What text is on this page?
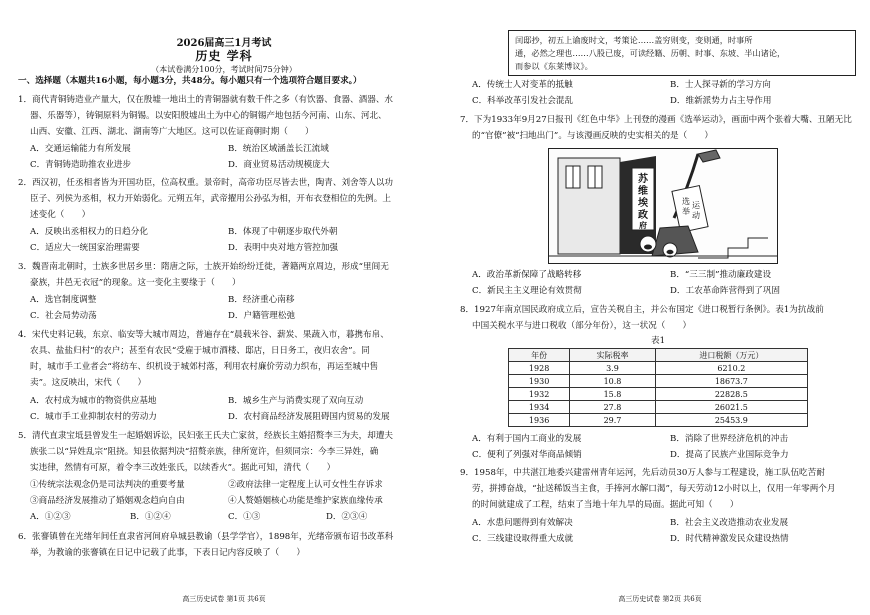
2026届高三1月考试
历史 学科
（本试卷满分100分，考试时间75分钟）
一、选择题（本题共16小题，每小题3分，共48分。每小题只有一个选项符合题目要求。）
1．商代青铜铸造业产量大，仅在殷墟一地出土的青铜器就有数千件之多（有饮器、食器、酒器、水
器、乐器等），铸铜原料为铜锡。以安阳殷墟出土为中心的铜锡产地包括今河南、山东、河北、
山西、安徽、江西、湖北、湖南等广大地区。这可以佐证商朝时期（　　）
A．交通运输能力有所发展	B．统治区域涵盖长江流域
C．青铜铸造助推农业进步	D．商业贸易活动规模庞大
2．西汉初，任丞相者皆为开国功臣，位高权重。景帝时，高帝功臣尽皆去世，陶青、刘舍等人以功
臣子、列侯为丞相，权力开始弱化。元朔五年，武帝擢用公孙弘为相，开布衣登相位的先例。上
述变化（　　）
A．反映出丞相权力的日趋分化	B．体现了中朝逐步取代外朝
C．适应大一统国家治理需要	D．表明中央对地方管控加强
3．魏晋南北朝时，士族多世居乡里：隋唐之际，士族开始纷纷迁徙，著籍两京周边，形成“里闾无
豪族，井邑无衣冠”的现象。这一变化主要缘于（　　）
A．选官制度调整	B．经济重心南移
C．社会局势动荡	D．户籍管理松弛
4．宋代史料记载，东京、临安等大城市周边，普遍存在“晨载米谷、薪炭、果蔬入市，暮携布帛、
农具、盐盐归村”的农户；甚至有农民“受雇于城市酒楼、邸店，日日务工，夜归农舍”。同
时，城市手工业者会“将纺车、织机设于城郊村落，利用农村廉价劳动力织布，再运至城中售
卖”。这反映出，宋代（　　）
A．农村成为城市的物资供应基地	B．城乡生产与消费实现了双向互动
C．城市手工业抑制农村的劳动力	D．农村商品经济发展阻碍国内贸易的发展
5．清代直隶宝坻县曾发生一起婚姻诉讼，民妇张王氏夫亡家贫，经族长主婚招赘李三为夫，却遭夫
族张二以“异姓乱宗”阻挠。知县依据判决“招赘亲族，律所宽许，但须同宗：今李三异姓，确
实违律，然情有可原，着令李三改姓张氏，以续香火”。据此可知，清代（　　）
①传统宗法观念仍是司法判决的重要考量	②政府法律一定程度上认可女性生存诉求
③商品经济发展推动了婚姻观念趋向自由	④人赘婚姻核心功能是维护家族血缘传承
A．①②③	B．①②④	C．①③	D．②③④
6．张謇镇曾在光绪年间任直隶省河间府阜城县教谕（县学学官），1898年，光绪帝颁布诏书改革科
举，为教谕的张謇镇在日记中记载了此事，下表日记内容反映了（　　）
高三历史试卷 第1页 共6页
闰邸抄，初五上谕废时文，考策论……盖穷则变，变则通，时事所
通，必然之理也……八股已废，可读经籍、历朝、时事、东坡、半山诸论，
而参以《东莱博议》。
A．传统士人对变革的抵触	B．士人探寻新的学习方向
C．科举改革引发社会混乱	D．维新派势力占主导作用
7．下为1933年9月27日报刊《红色中华》上刊登的漫画《选举运动》，画面中两个张着大嘴、丑陋无比
的“官僚”被“扫地出门”。与该漫画反映的史实相关的是（　　）
苏
维
埃
政
府
选
举
运
动
A．政治革新保障了战略转移	B．“三三制”推动廉政建设
C．新民主主义理论有效贯彻	D．工农革命阵营得到了巩固
8．1927年南京国民政府成立后，宣告关税自主，并公布国定《进口税暂行条例》。表1为抗战前
中国关税水平与进口税收（部分年份），这一状况（　　）
表1
年份	实际税率	进口税额（万元）
1928	3.9	6210.2
1930	10.8	18673.7
1932	15.8	22828.5
1934	27.8	26021.5
1936	29.7	25453.9
A．有利于国内工商业的发展	B．消除了世界经济危机的冲击
C．便利了列强对华商品倾销	D．提高了民族产业国际竞争力
9．1958年，中共湛江地委兴建雷州青年运河，先后动员30万人参与工程建设，施工队伍吃苦耐
劳，拼搏奋战，“扯送稀饭当主食，手捧河水解口渴”，每天劳动12小时以上，仅用一年零两个月
的时间就建成了工程，结束了当地十年九旱的局面。据此可知（　　）
A．水患问题得到有效解决	B．社会主义改造推动农业发展
C．三线建设取得重大成就	D．时代精神激发民众建设热情
高三历史试卷 第2页 共6页
